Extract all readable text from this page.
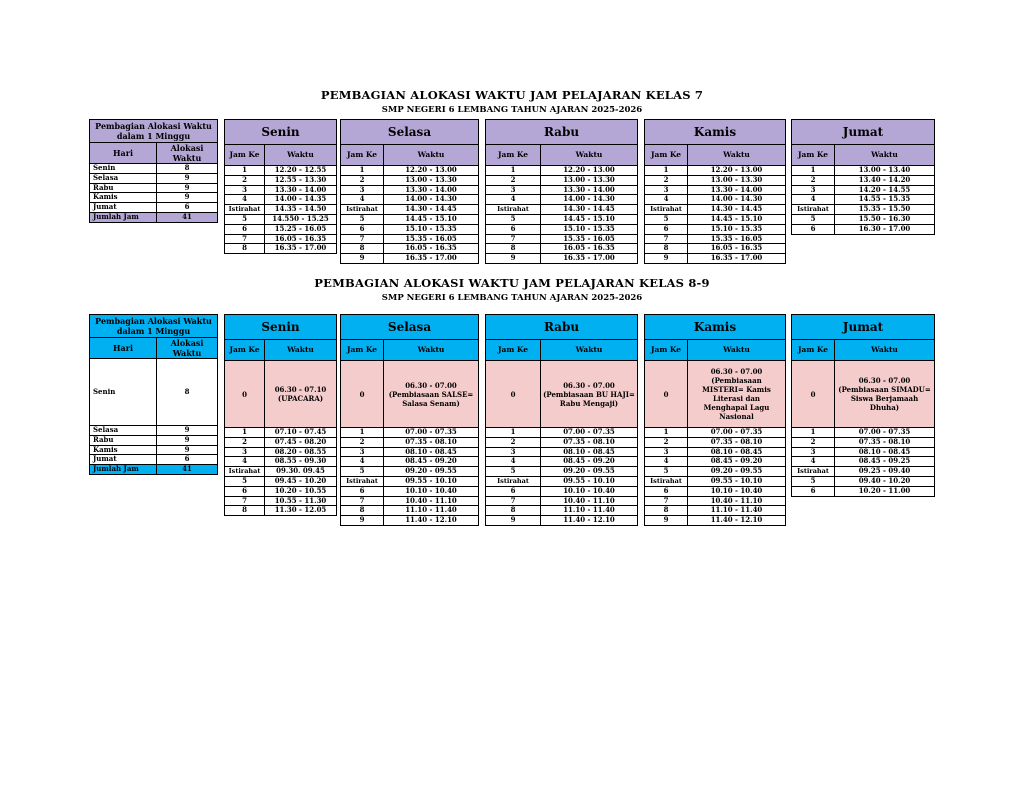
PEMBAGIAN ALOKASI WAKTU JAM PELAJARAN KELAS 7
SMP NEGERI 6 LEMBANG TAHUN AJARAN 2025-2026
PEMBAGIAN ALOKASI WAKTU JAM PELAJARAN KELAS 8-9
SMP NEGERI 6 LEMBANG TAHUN AJARAN 2025-2026
Pembagian Alokasi Waktu dalam 1 Minggu	
Hari	Alokasi Waktu
Senin	8
Selasa	9
Rabu	9
Kamis	9
Jumat	6
Jumlah Jam	41
Senin	
Jam Ke	Waktu
1	12.20 - 12.55
2	12.55 - 13.30
3	13.30 - 14.00
4	14.00 - 14.35
Istirahat	14.35 - 14.50
5	14.550 - 15.25
6	15.25 - 16.05
7	16.05 - 16.35
8	16.35 - 17.00
Selasa	
Jam Ke	Waktu
1	12.20 - 13.00
2	13.00 - 13.30
3	13.30 - 14.00
4	14.00 - 14.30
Istirahat	14.30 - 14.45
5	14.45 - 15.10
6	15.10 - 15.35
7	15.35 - 16.05
8	16.05 - 16.35
9	16.35 - 17.00
Rabu	
Jam Ke	Waktu
1	12.20 - 13.00
2	13.00 - 13.30
3	13.30 - 14.00
4	14.00 - 14.30
Istirahat	14.30 - 14.45
5	14.45 - 15.10
6	15.10 - 15.35
7	15.35 - 16.05
8	16.05 - 16.35
9	16.35 - 17.00
Kamis	
Jam Ke	Waktu
1	12.20 - 13.00
2	13.00 - 13.30
3	13.30 - 14.00
4	14.00 - 14.30
Istirahat	14.30 - 14.45
5	14.45 - 15.10
6	15.10 - 15.35
7	15.35 - 16.05
8	16.05 - 16.35
9	16.35 - 17.00
Jumat	
Jam Ke	Waktu
1	13.00 - 13.40
2	13.40 - 14.20
3	14.20 - 14.55
4	14.55 - 15.35
Istirahat	15.35 - 15.50
5	15.50 - 16.30
6	16.30 - 17.00
Pembagian Alokasi Waktu dalam 1 Minggu	
Hari	Alokasi Waktu
Senin	8
Selasa	9
Rabu	9
Kamis	9
Jumat	6
Jumlah Jam	41
Senin	
Jam Ke	Waktu
0	06.30 - 07.10 (UPACARA)
1	07.10 - 07.45
2	07.45 - 08.20
3	08.20 - 08.55
4	08.55 - 09.30
Istirahat	09.30. 09.45
5	09.45 - 10.20
6	10.20 - 10.55
7	10.55 - 11.30
8	11.30 - 12.05
Selasa	
Jam Ke	Waktu
0	06.30 - 07.00 (Pembiasaan SALSE= Salasa Senam)
1	07.00 - 07.35
2	07.35 - 08.10
3	08.10 - 08.45
4	08.45 - 09.20
5	09.20 - 09.55
Istirahat	09.55 - 10.10
6	10.10 - 10.40
7	10.40 - 11.10
8	11.10 - 11.40
9	11.40 - 12.10
Rabu	
Jam Ke	Waktu
0	06.30 - 07.00 (Pembiasaan BU HAJI= Rabu Mengaji)
1	07.00 - 07.35
2	07.35 - 08.10
3	08.10 - 08.45
4	08.45 - 09.20
5	09.20 - 09.55
Istirahat	09.55 - 10.10
6	10.10 - 10.40
7	10.40 - 11.10
8	11.10 - 11.40
9	11.40 - 12.10
Kamis	
Jam Ke	Waktu
0	06.30 - 07.00 (Pembiasaan MISTERI= Kamis Literasi dan Menghapal Lagu Nasional
1	07.00 - 07.35
2	07.35 - 08.10
3	08.10 - 08.45
4	08.45 - 09.20
5	09.20 - 09.55
Istirahat	09.55 - 10.10
6	10.10 - 10.40
7	10.40 - 11.10
8	11.10 - 11.40
9	11.40 - 12.10
Jumat	
Jam Ke	Waktu
0	06.30 - 07.00 (Pembiasaan SIMADU= Siswa Berjamaah Dhuha)
1	07.00 - 07.35
2	07.35 - 08.10
3	08.10 - 08.45
4	08.45 - 09.25
Istirahat	09.25 - 09.40
5	09.40 - 10.20
6	10.20 - 11.00
